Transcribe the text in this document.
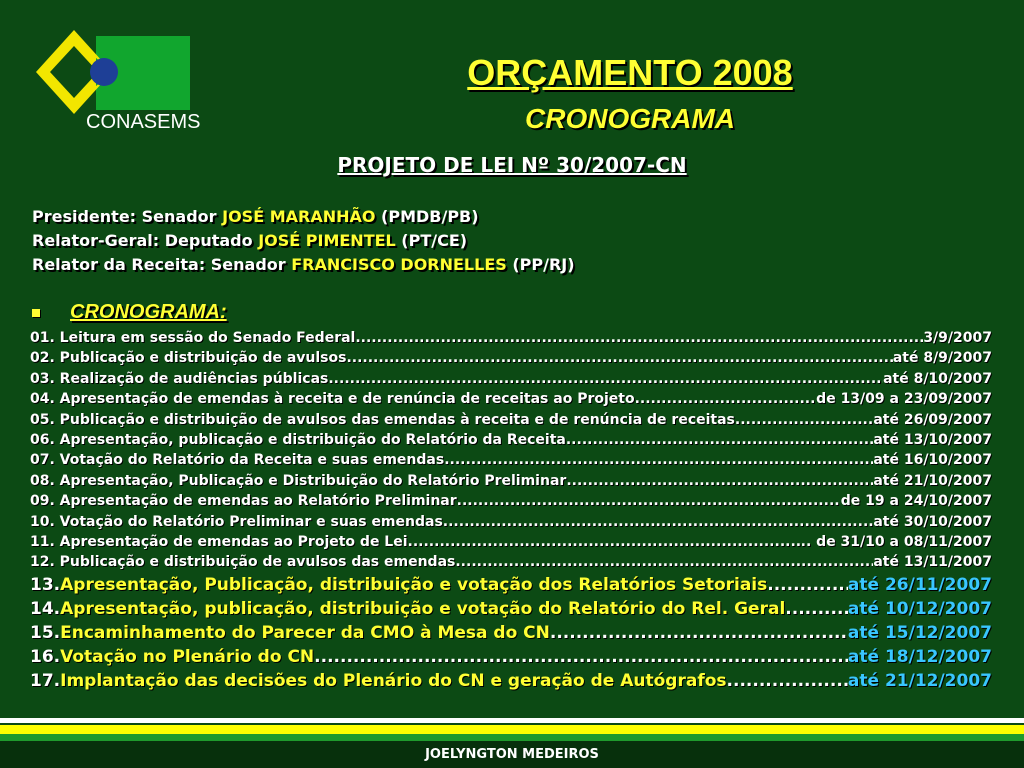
CONASEMS
ORÇAMENTO 2008
CRONOGRAMA
PROJETO DE LEI Nº 30/2007-CN
Presidente: Senador JOSÉ MARANHÃO (PMDB/PB)
Relator-Geral: Deputado JOSÉ PIMENTEL (PT/CE)
Relator da Receita: Senador FRANCISCO DORNELLES (PP/RJ)
CRONOGRAMA:
01. Leitura em sessão do Senado Federal .....	3/9/2007
02. Publicação e distribuição de avulsos .....	até 8/9/2007
03. Realização de audiências públicas .....	até 8/10/2007
04. Apresentação de emendas à receita e de renúncia de receitas ao Projeto .....	de 13/09 a 23/09/2007
05. Publicação e distribuição de avulsos das emendas à receita e de renúncia de receitas. .....	até 26/09/2007
06. Apresentação, publicação e distribuição do Relatório da Receita .....	até 13/10/2007
07. Votação do Relatório da Receita e suas emendas .....	até 16/10/2007
08. Apresentação, Publicação e Distribuição do Relatório Preliminar .....	até 21/10/2007
09. Apresentação de emendas ao Relatório Preliminar .....	de 19 a 24/10/2007
10. Votação do Relatório Preliminar e suas emendas .....	até 30/10/2007
11. Apresentação de emendas ao Projeto de Lei .....	.. de 31/10 a 08/11/2007
12. Publicação e distribuição de avulsos das emendas .....	até 13/11/2007
13. Apresentação, Publicação, distribuição e votação dos Relatórios Setoriais .....	até 26/11/2007
14. Apresentação, publicação, distribuição e votação do Relatório do Rel. Geral .....	até 10/12/2007
15. Encaminhamento do Parecer da CMO à Mesa do CN .....	até 15/12/2007
16. Votação no Plenário do CN .....	até 18/12/2007
17. Implantação das decisões do Plenário do CN e geração de Autógrafos .....	até 21/12/2007
JOELYNGTON MEDEIROS
